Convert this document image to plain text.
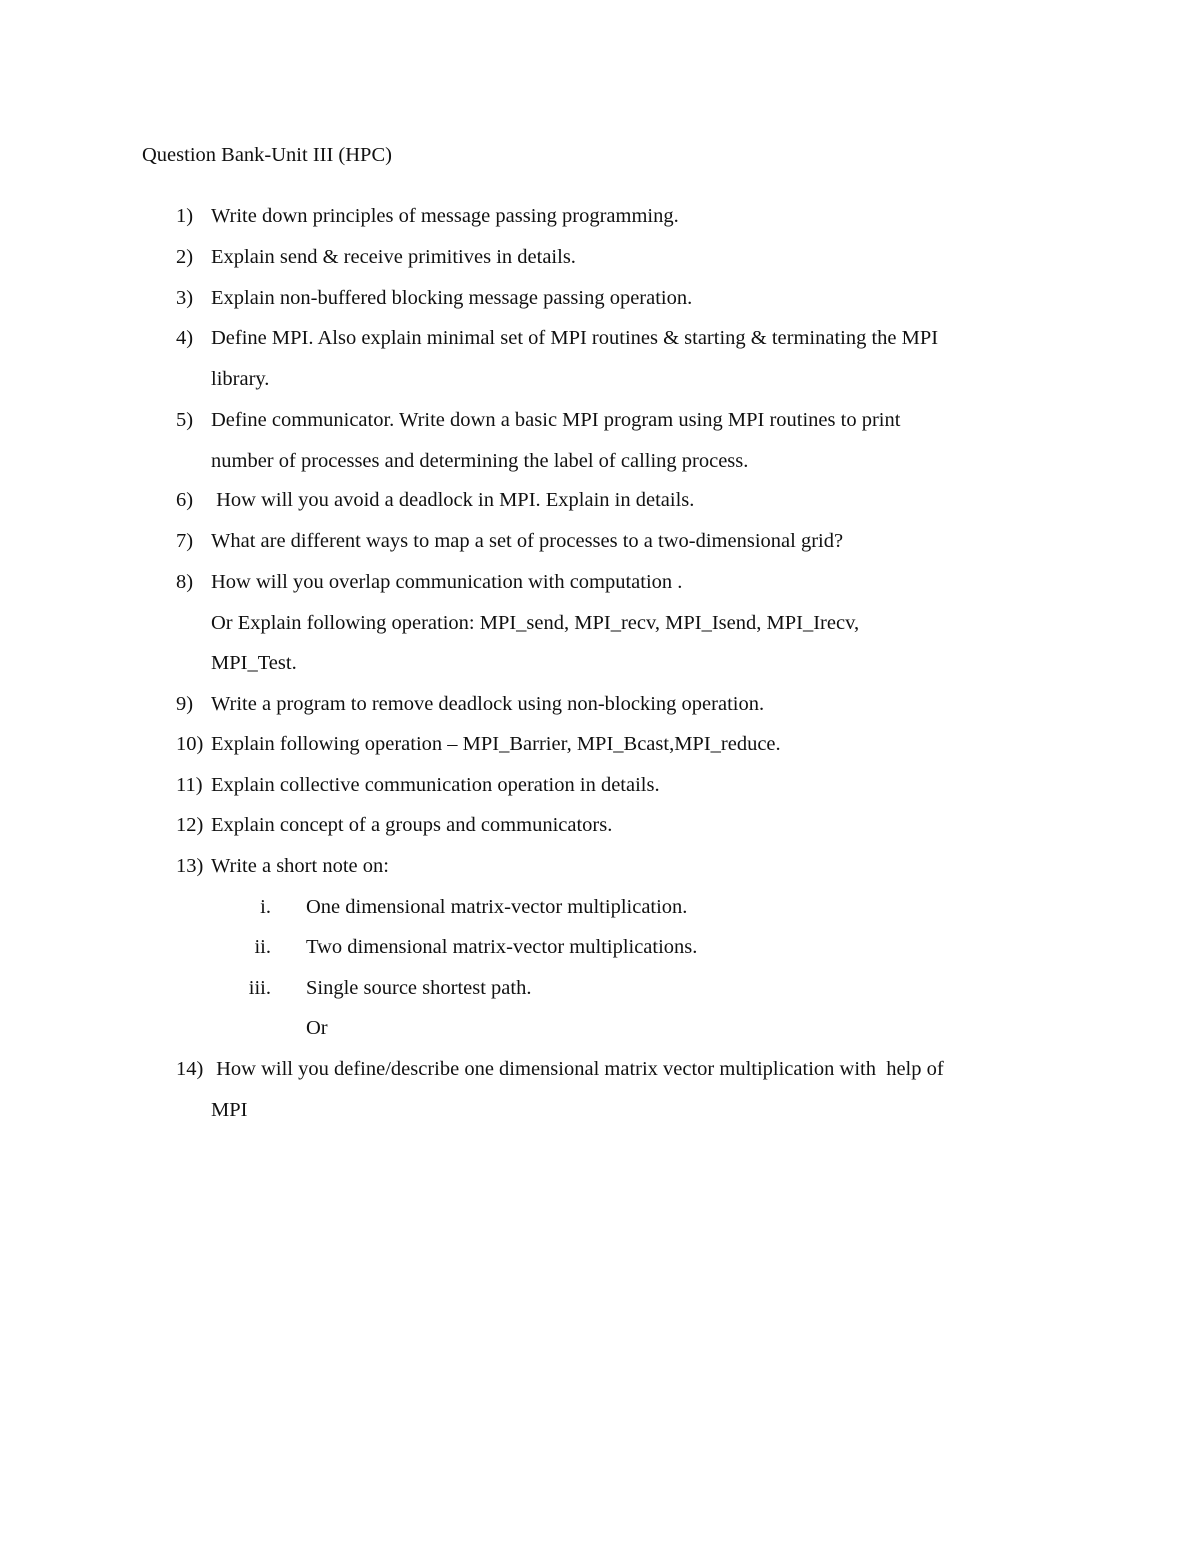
Question Bank-Unit III (HPC)
1) Write down principles of message passing programming.
2) Explain send & receive primitives in details.
3) Explain non-buffered blocking message passing operation.
4) Define MPI. Also explain minimal set of MPI routines & starting & terminating the MPI
library.
5) Define communicator. Write down a basic MPI program using MPI routines to print
number of processes and determining the label of calling process.
6) How will you avoid a deadlock in MPI. Explain in details.
7) What are different ways to map a set of processes to a two-dimensional grid?
8) How will you overlap communication with computation .
Or Explain following operation: MPI_send, MPI_recv, MPI_Isend, MPI_Irecv,
MPI_Test.
9) Write a program to remove deadlock using non-blocking operation.
10) Explain following operation – MPI_Barrier, MPI_Bcast,MPI_reduce.
11) Explain collective communication operation in details.
12) Explain concept of a groups and communicators.
13) Write a short note on:
i. One dimensional matrix-vector multiplication.
ii. Two dimensional matrix-vector multiplications.
iii. Single source shortest path.
Or
14) How will you define/describe one dimensional matrix vector multiplication with  help of
MPI
